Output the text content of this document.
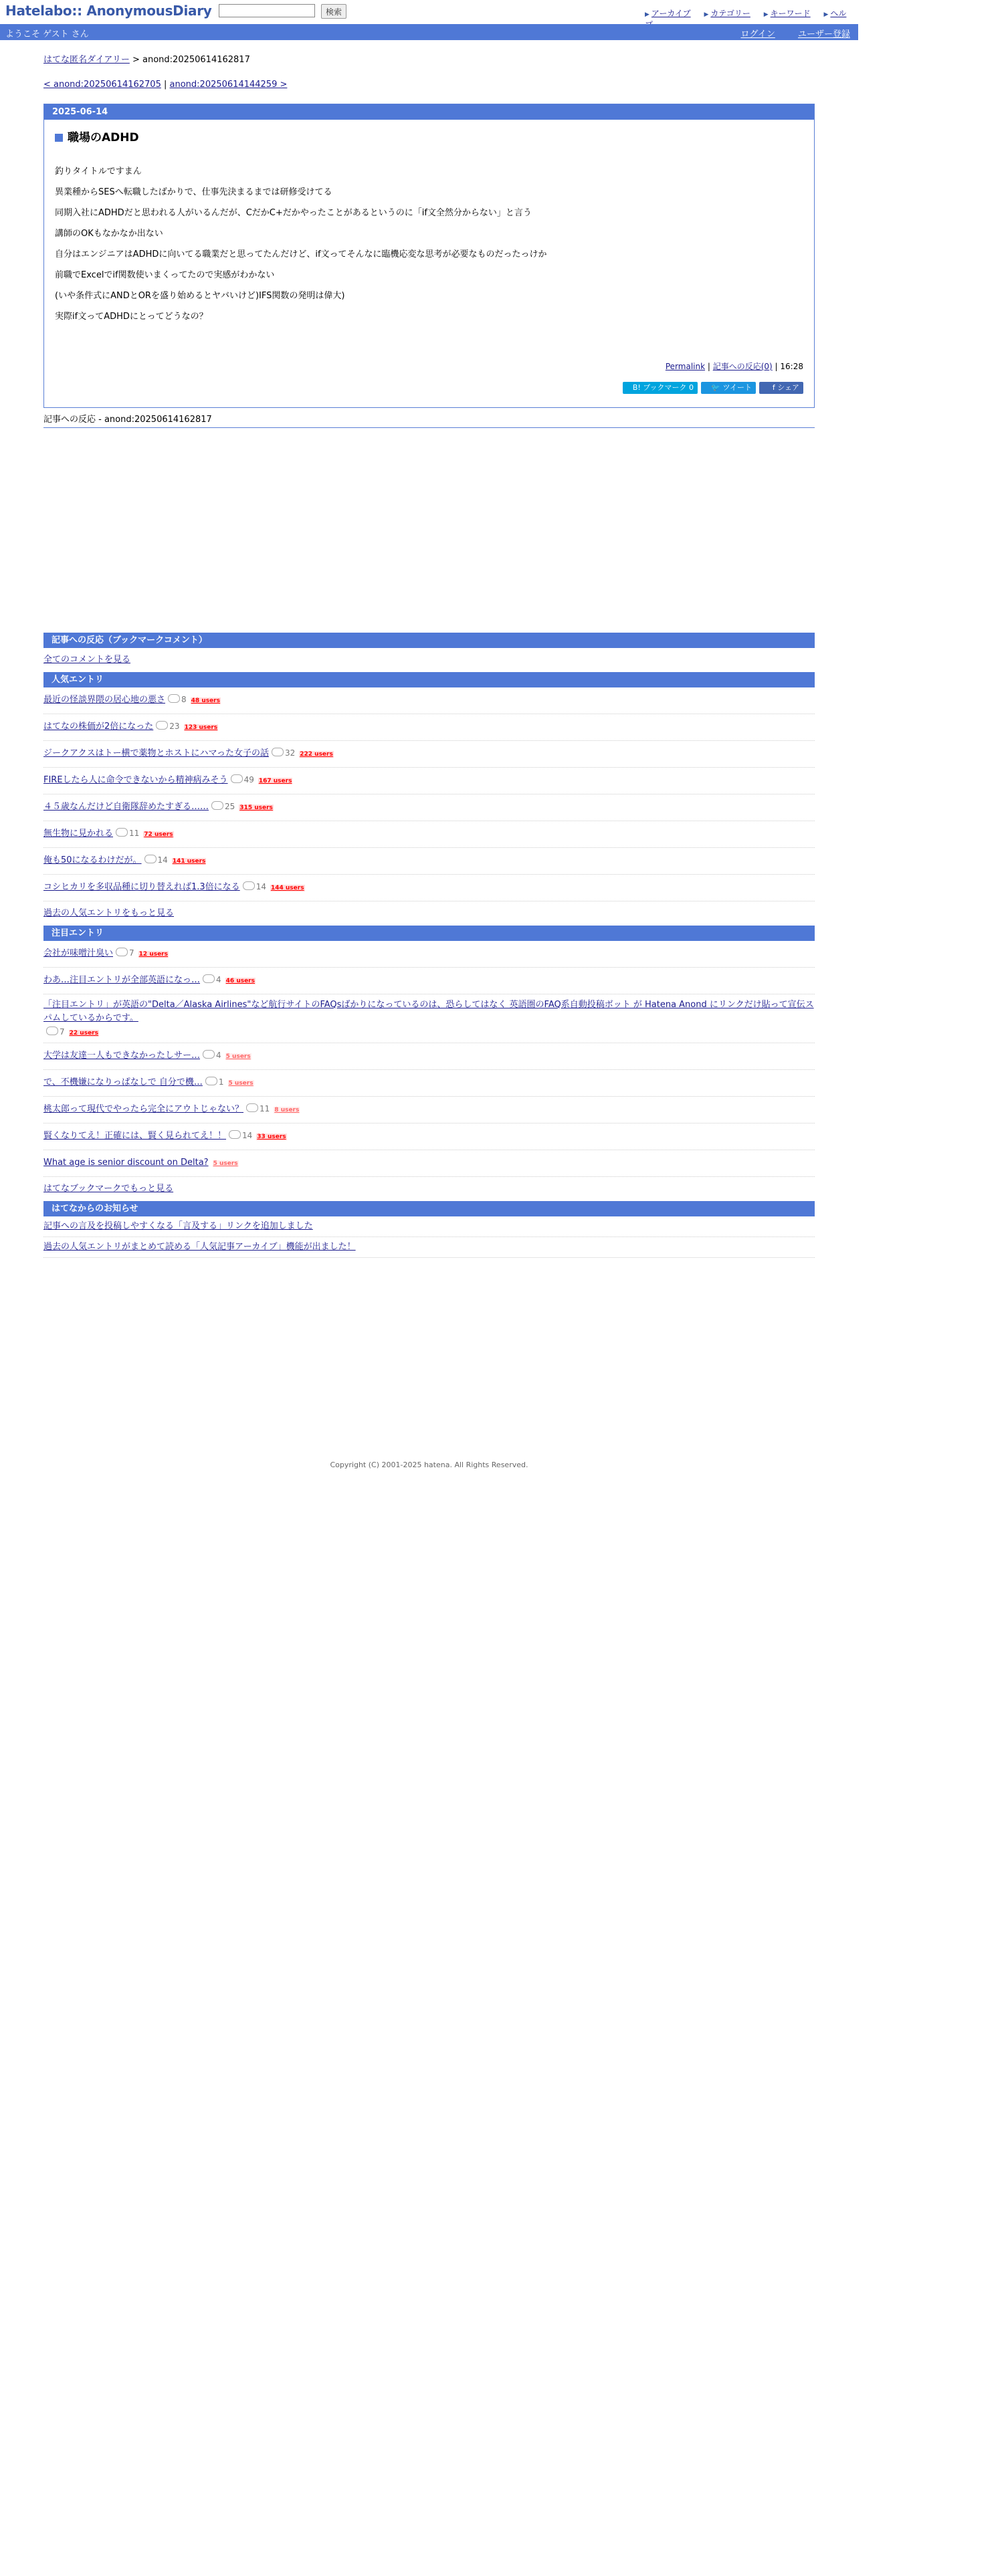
Hatelabo:: AnonymousDiary	検索	▶ アーカイブ ▶ カテゴリー ▶ キーワード ▶ ヘル
ようこそ ゲスト さん	ログイン	ユーザー登録
はてな匿名ダイアリー > anond:20250614162817
< anond:20250614162705 | anond:20250614144259 >
2025-06-14
職場のADHD
釣りタイトルですまん
異業種からSESへ転職したばかりで、仕事先決まるまでは研修受けてる
同期入社にADHDだと思われる人がいるんだが、CだかC+だかやったことがあるというのに「if文全然分からない」と言う
講師のOKもなかなか出ない
自分はエンジニアはADHDに向いてる職業だと思ってたんだけど、if文ってそんなに臨機応変な思考が必要なものだったっけか
前職でExcelでif関数使いまくってたので実感がわかない
(いや条件式にANDとORを盛り始めるとヤバいけど)IFS関数の発明は偉大)
実際if文ってADHDにとってどうなの？
Permalink | 記事への反応(0) | 16:28
B! ブックマーク 0 🐦 ツイート	f シェア
記事への反応 - anond:20250614162817
記事への反応（ブックマークコメント）
全てのコメントを見る
人気エントリ
最近の怪談界隈の居心地の悪さ 8 48 users
はてなの株価が2倍になった 23 123 users
ジークアクスはトー横で薬物とホストにハマった女子の話 32 222 users
FIREしたら人に命令できないから精神病みそう 49 167 users
４５歳なんだけど自衛隊辞めたすぎる…… 25 315 users
無生物に見かれる 11 72 users
俺も50になるわけだが。 14 141 users
コシヒカリを多収品種に切り替えれば1.3倍になる 14 144 users
過去の人気エントリをもっと見る
注目エントリ
会社が味噌汁臭い 7 12 users
わあ…注目エントリが全部英語になっ… 4 46 users
「注目エントリ」が英語の"Delta／Alaska Airlines"など航行サイトのFAQsばかりになっているのは、恐らしてはなく 英語圏のFAQ系自動投稿ボット が Hatena Anond にリンクだけ貼って宣伝スパムしているからです。
7 22 users
大学は友達一人もできなかったしサー… 4 5 users
で、不機嫌になりっぱなしで 自分で機… 1 5 users
桃太郎って現代でやったら完全にアウトじゃない？ 11 8 users
賢くなりてえ！正確には、賢く見られてえ！！ 14 33 users
What age is senior discount on Delta? 5 users
はてなブックマークでもっと見る
はてなからのお知らせ
記事への言及を投稿しやすくなる「言及する」リンクを追加しました
過去の人気エントリがまとめて読める「人気記事アーカイブ」機能が出ました！
Copyright (C) 2001-2025 hatena. All Rights Reserved.
